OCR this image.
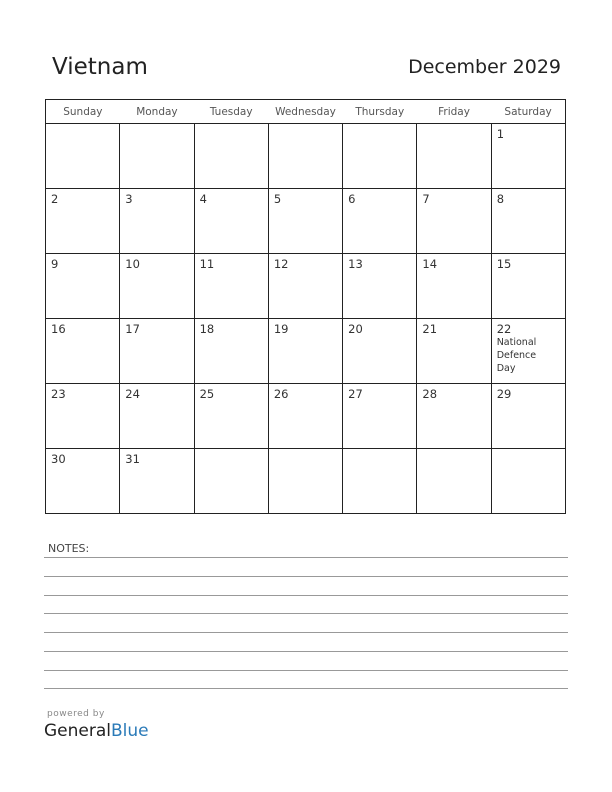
Vietnam	December 2029
Sunday	Monday	Tuesday	Wednesday	Thursday	Friday	Saturday

						1

2	3	4	5	6	7	8

9	10	11	12	13	14	15

16	17	18	19	20	21	22
National
Defence
Day

23	24	25	26	27	28	29

30	31					

NOTES:
powered by
GeneralBlue
